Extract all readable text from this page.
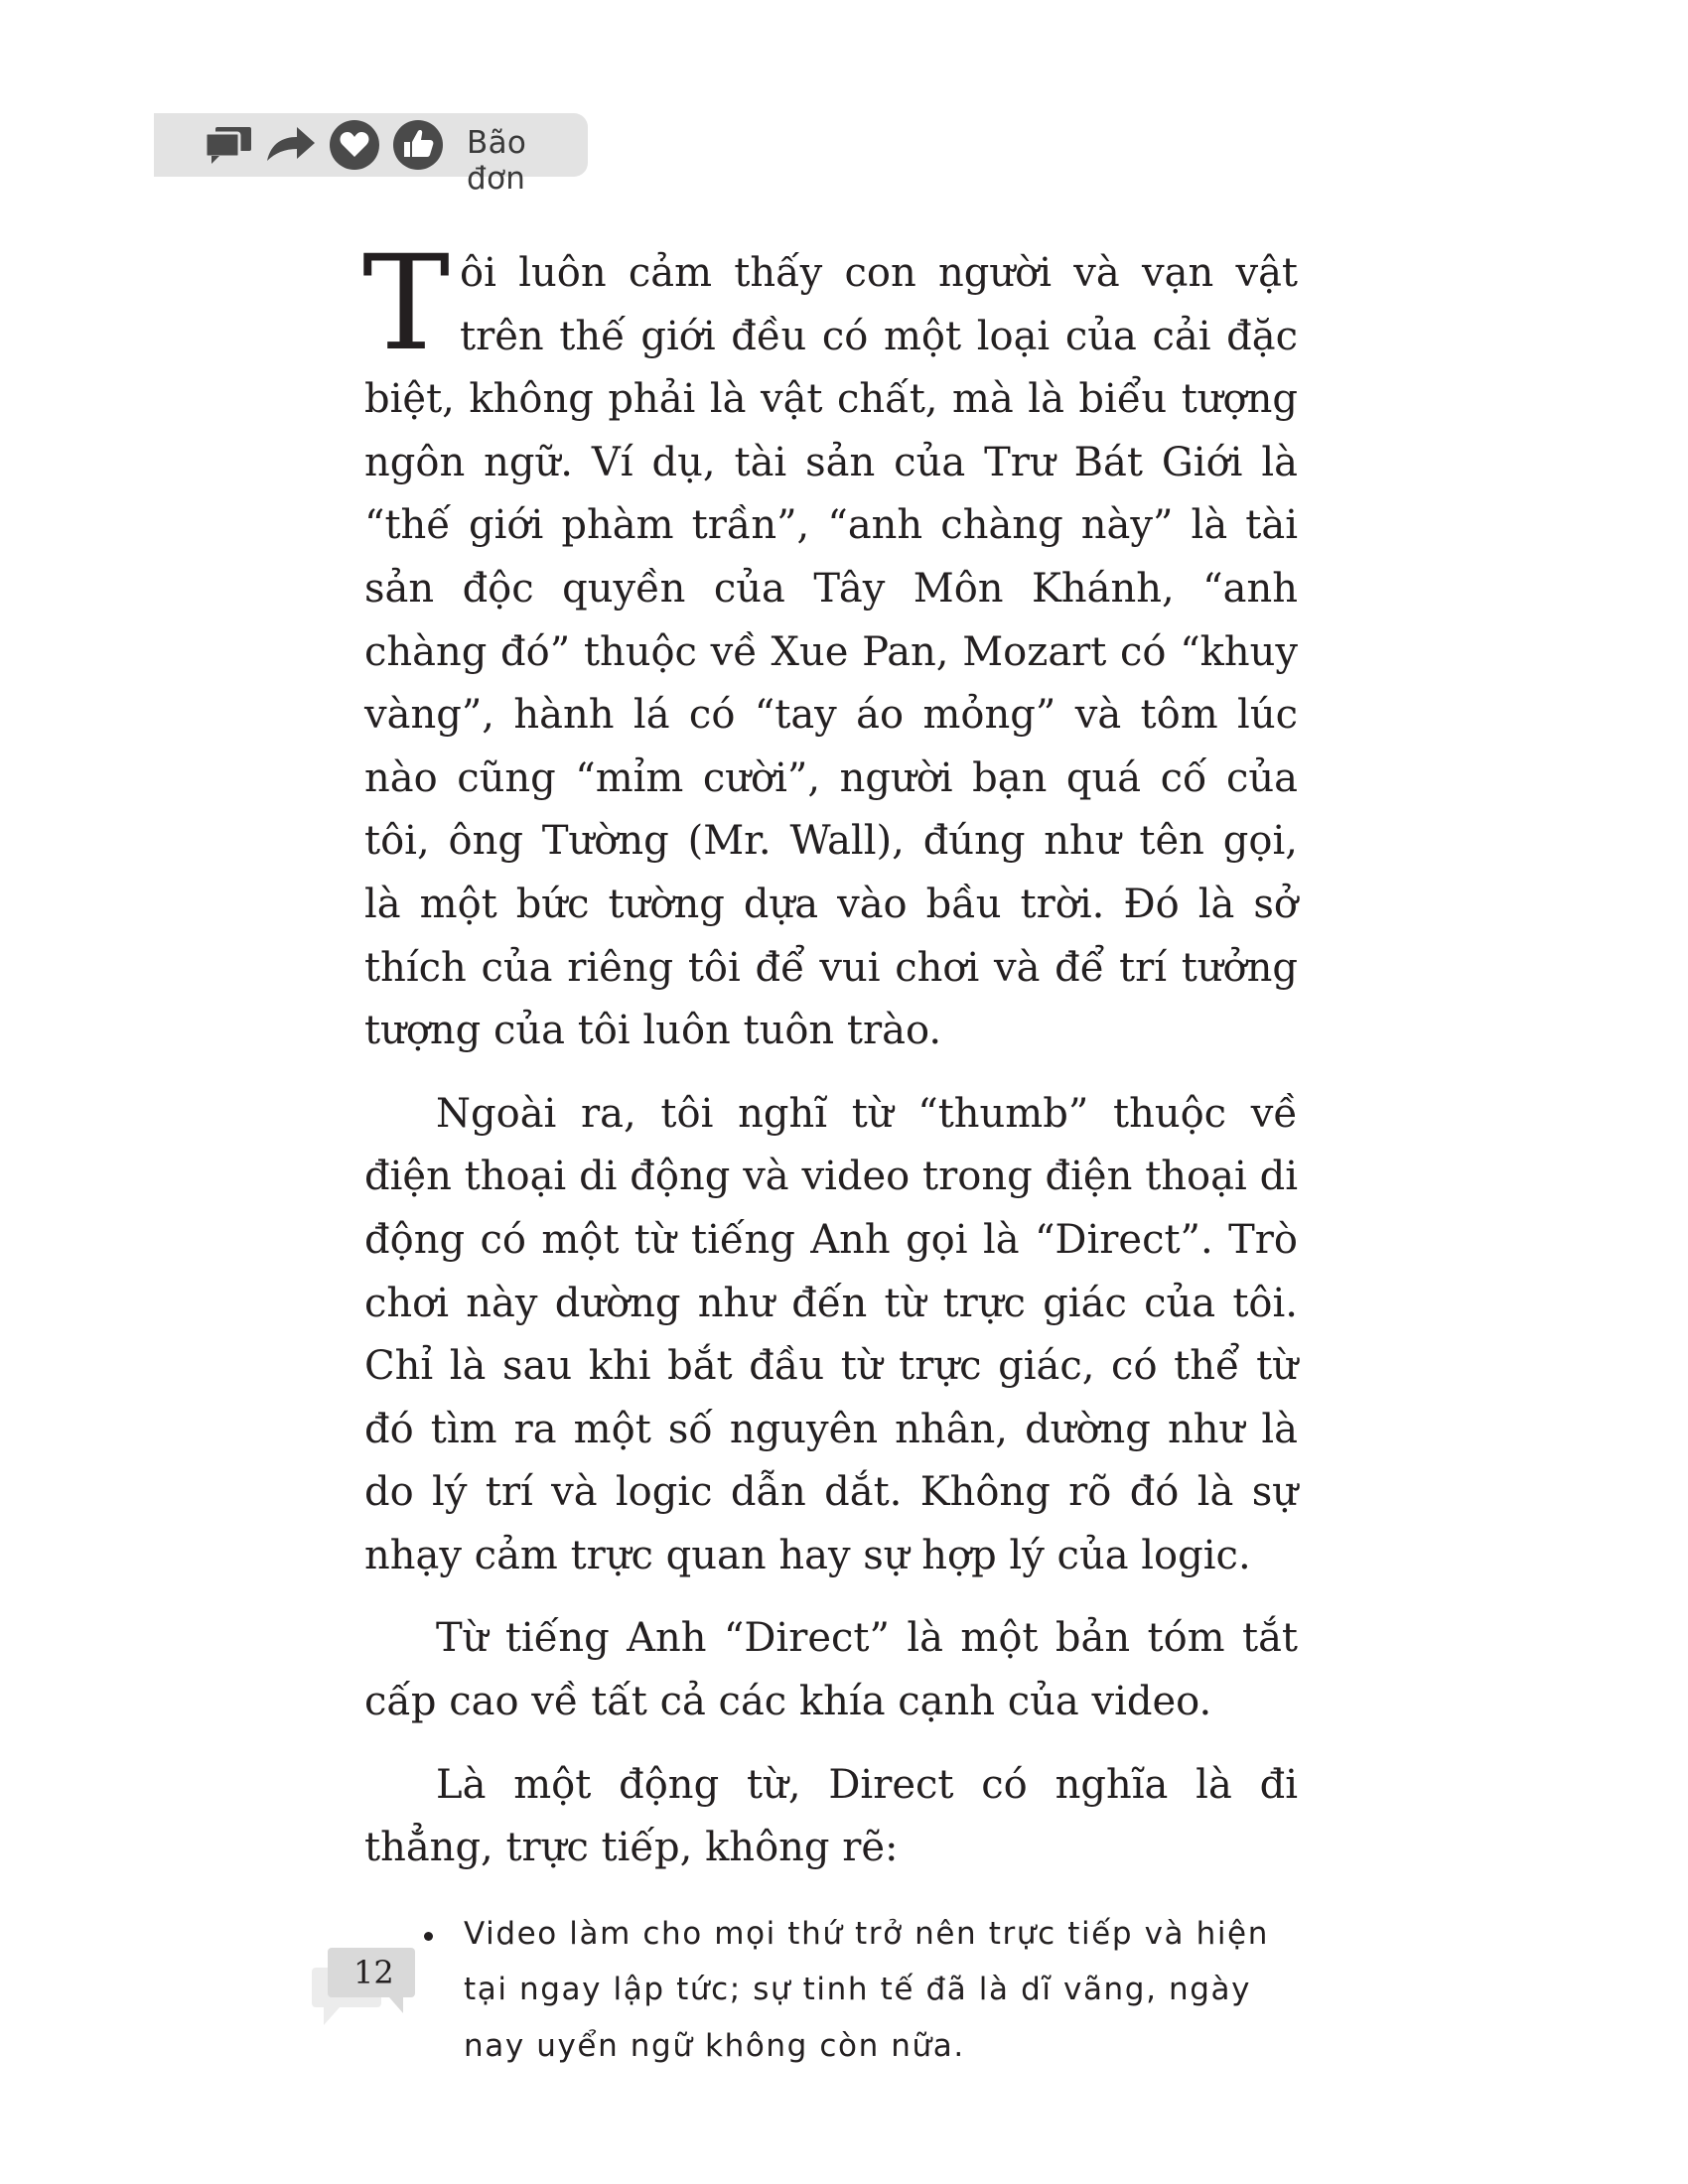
Bão đơn

Tôi luôn cảm thấy con người và vạn vật trên thế giới đều có một loại của cải đặc biệt, không phải là vật chất, mà là biểu tượng ngôn ngữ. Ví dụ, tài sản của Trư Bát Giới là “thế giới phàm trần”, “anh chàng này” là tài sản độc quyền của Tây Môn Khánh, “anh chàng đó” thuộc về Xue Pan, Mozart có “khuy vàng”, hành lá có “tay áo mỏng” và tôm lúc nào cũng “mỉm cười”, người bạn quá cố của tôi, ông Tường (Mr. Wall), đúng như tên gọi, là một bức tường dựa vào bầu trời. Đó là sở thích của riêng tôi để vui chơi và để trí tưởng tượng của tôi luôn tuôn trào.

Ngoài ra, tôi nghĩ từ “thumb” thuộc về điện thoại di động và video trong điện thoại di động có một từ tiếng Anh gọi là “Direct”. Trò chơi này dường như đến từ trực giác của tôi. Chỉ là sau khi bắt đầu từ trực giác, có thể từ đó tìm ra một số nguyên nhân, dường như là do lý trí và logic dẫn dắt. Không rõ đó là sự nhạy cảm trực quan hay sự hợp lý của logic.

Từ tiếng Anh “Direct” là một bản tóm tắt cấp cao về tất cả các khía cạnh của video.

Là một động từ, Direct có nghĩa là đi thẳng, trực tiếp, không rẽ:

Video làm cho mọi thứ trở nên trực tiếp và hiện tại ngay lập tức; sự tinh tế đã là dĩ vãng, ngày nay uyển ngữ không còn nữa.
12
